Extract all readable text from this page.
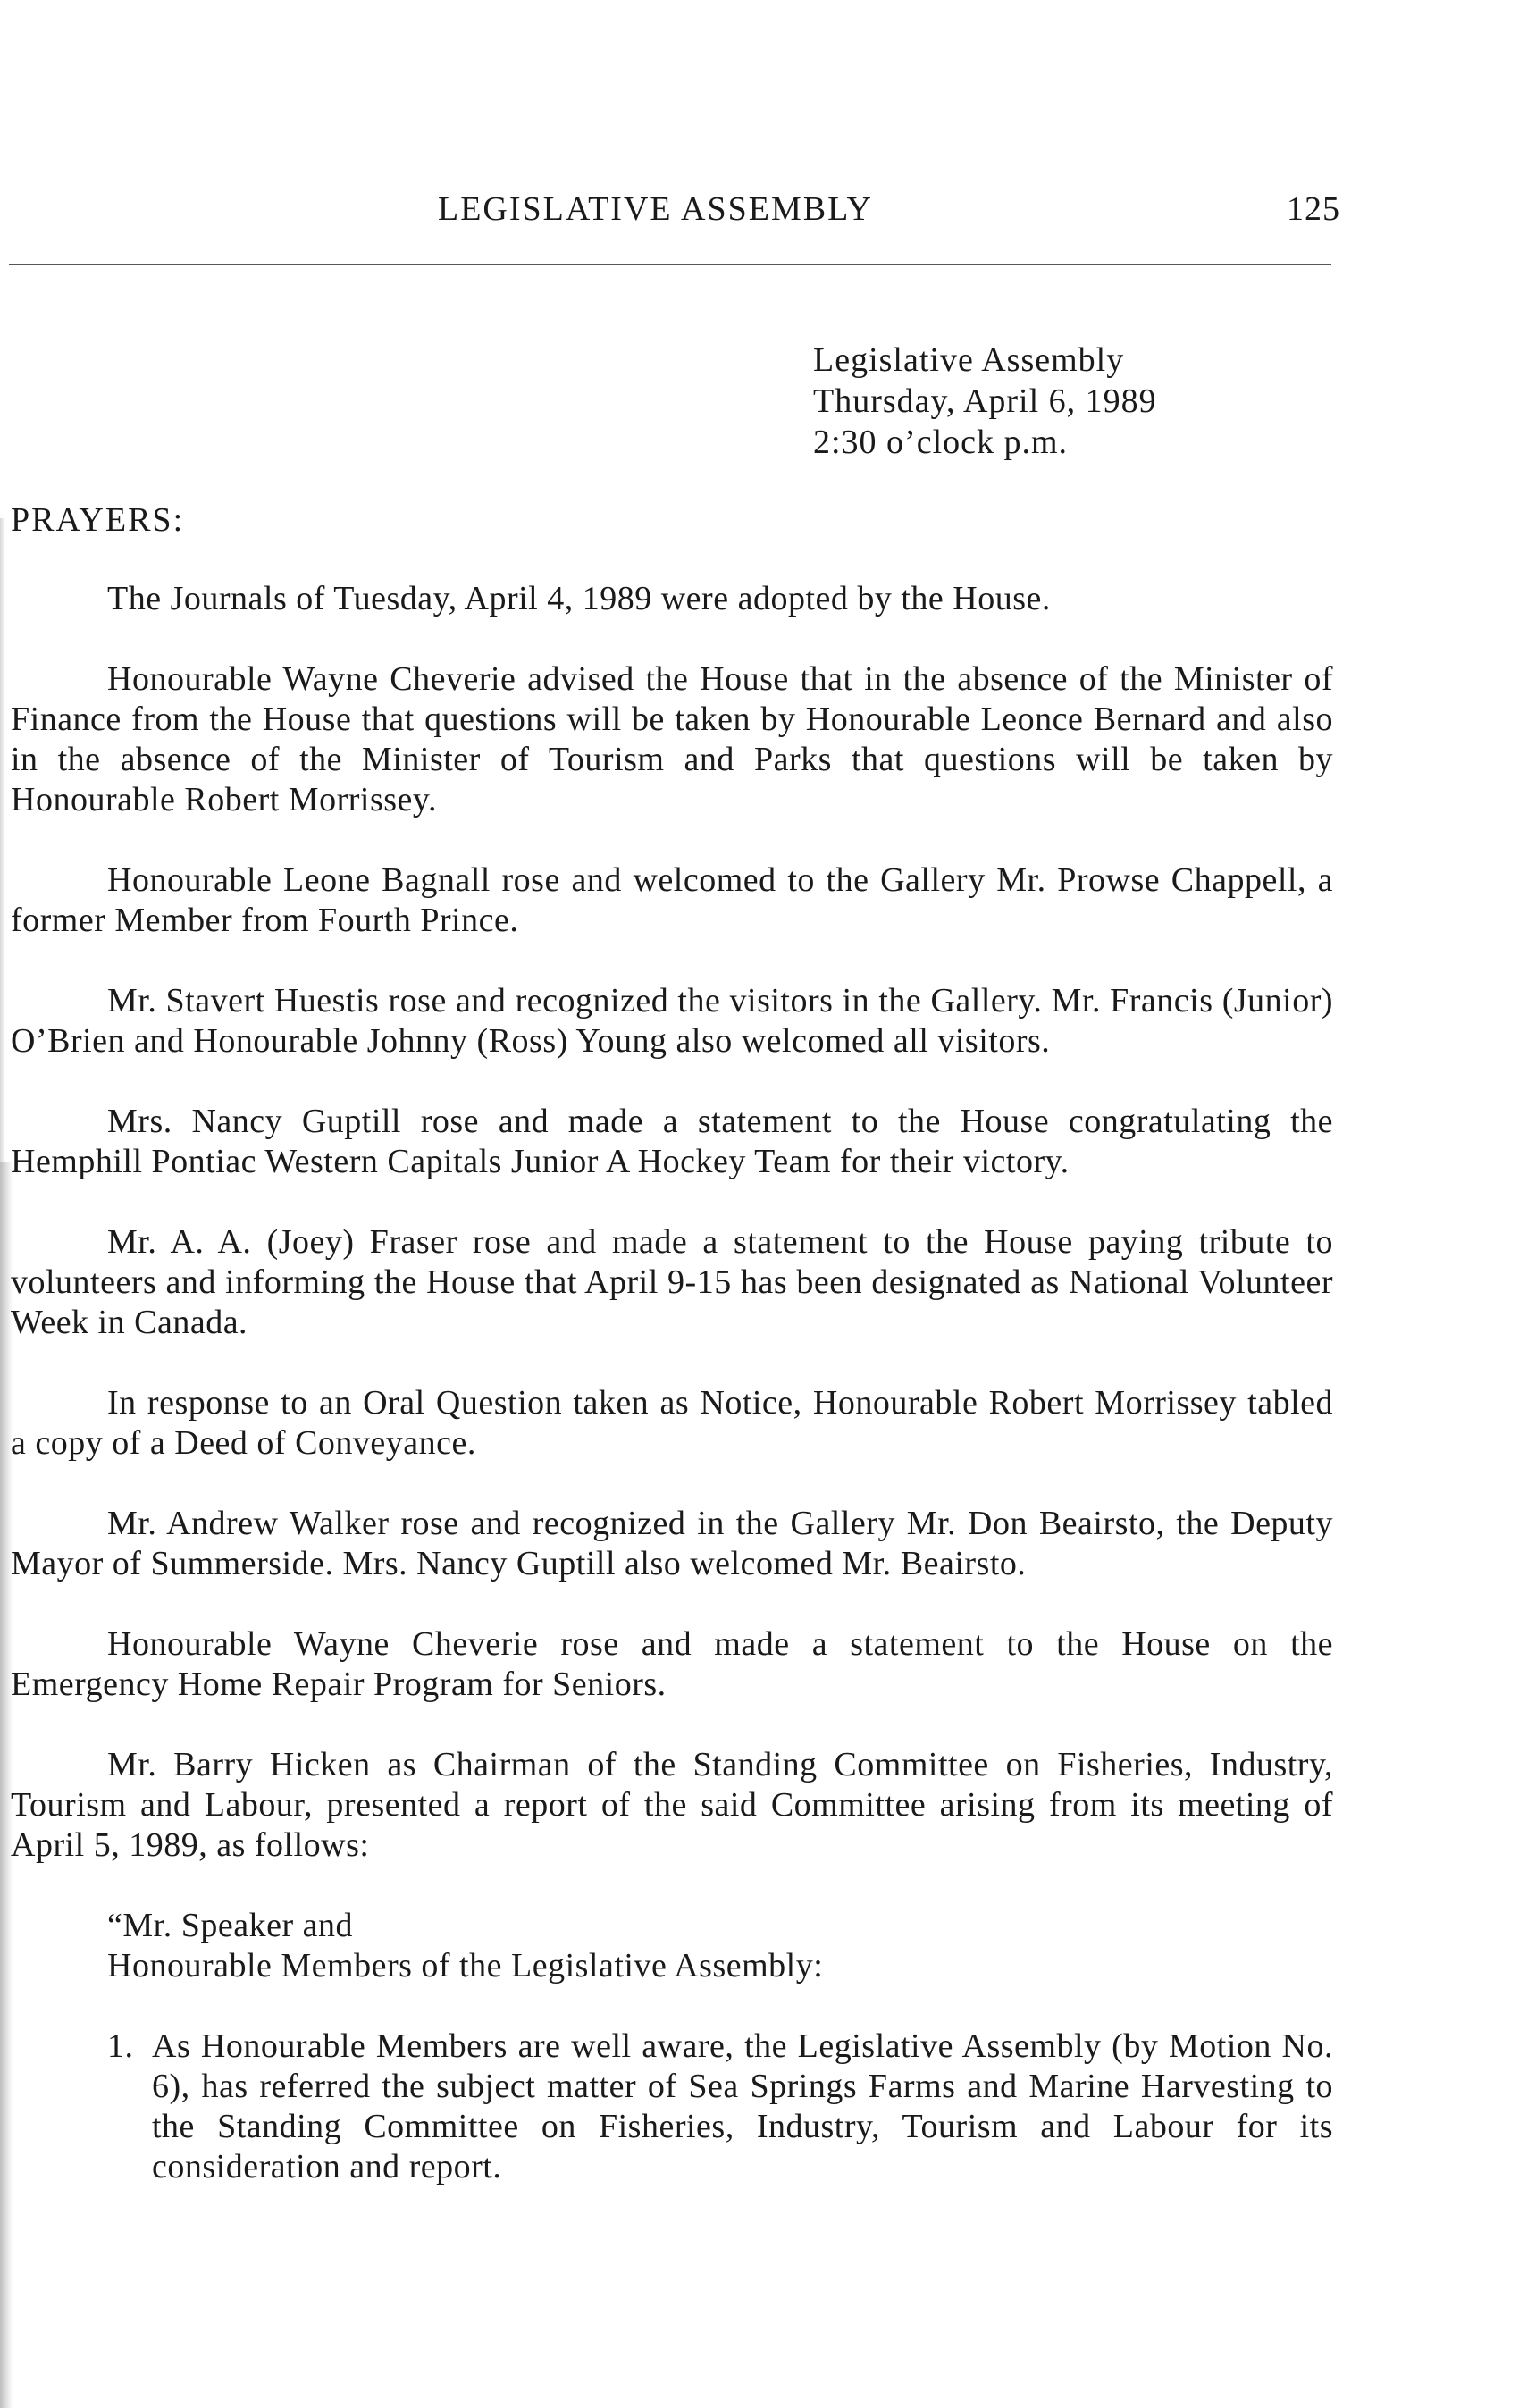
LEGISLATIVE ASSEMBLY	125
Legislative Assembly
Thursday, April 6, 1989
2:30 o’clock p.m.
PRAYERS:

The Journals of Tuesday, April 4, 1989 were adopted by the House.

Honourable Wayne Cheverie advised the House that in the absence of the Minister of Finance from the House that questions will be taken by Honourable Leonce Bernard and also in the absence of the Minister of Tourism and Parks that questions will be taken by Honourable Robert Morrissey.

Honourable Leone Bagnall rose and welcomed to the Gallery Mr. Prowse Chappell, a former Member from Fourth Prince.

Mr. Stavert Huestis rose and recognized the visitors in the Gallery. Mr. Francis (Junior) O’Brien and Honourable Johnny (Ross) Young also welcomed all visitors.

Mrs. Nancy Guptill rose and made a statement to the House congratulating the Hemphill Pontiac Western Capitals Junior A Hockey Team for their victory.

Mr. A. A. (Joey) Fraser rose and made a statement to the House paying tribute to volunteers and informing the House that April 9-15 has been designated as National Volunteer Week in Canada.

In response to an Oral Question taken as Notice, Honourable Robert Morrissey tabled a copy of a Deed of Conveyance.

Mr. Andrew Walker rose and recognized in the Gallery Mr. Don Beairsto, the Deputy Mayor of Summerside. Mrs. Nancy Guptill also welcomed Mr. Beairsto.

Honourable Wayne Cheverie rose and made a statement to the House on the Emergency Home Repair Program for Seniors.

Mr. Barry Hicken as Chairman of the Standing Committee on Fisheries, Industry, Tourism and Labour, presented a report of the said Committee arising from its meeting of April 5, 1989, as follows:

“Mr. Speaker and
Honourable Members of the Legislative Assembly:
1. As Honourable Members are well aware, the Legislative Assembly (by Motion No. 6), has referred the subject matter of Sea Springs Farms and Marine Harvesting to the Standing Committee on Fisheries, Industry, Tourism and Labour for its consideration and report.
